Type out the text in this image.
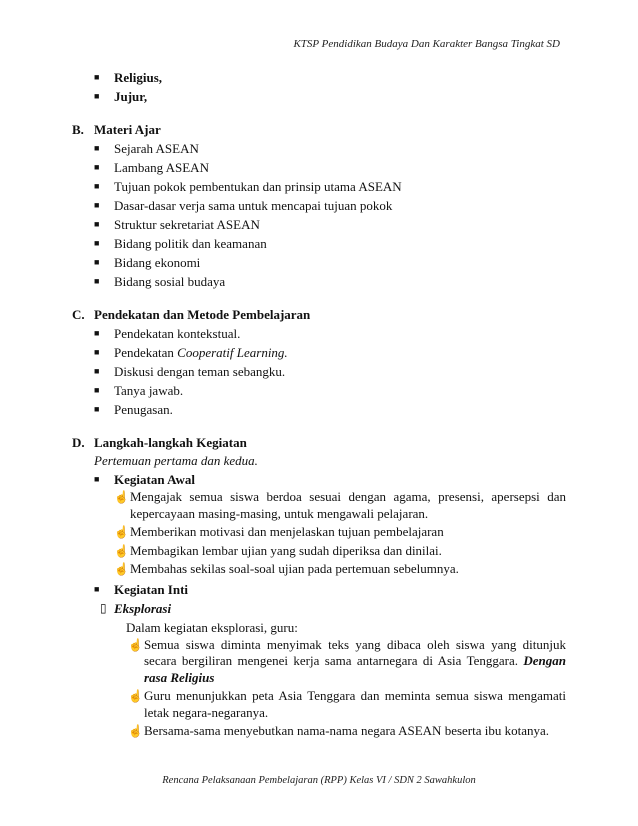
KTSP Pendidikan Budaya Dan Karakter Bangsa Tingkat SD
■	Religius,
■	Jujur,
B. Materi Ajar
■	Sejarah ASEAN
■	Lambang ASEAN
■	Tujuan pokok pembentukan dan prinsip utama ASEAN
■	Dasar-dasar verja sama untuk mencapai tujuan pokok
■	Struktur sekretariat ASEAN
■	Bidang politik dan keamanan
■	Bidang ekonomi
■	Bidang sosial budaya
C. Pendekatan dan Metode Pembelajaran
■	Pendekatan kontekstual.
■	Pendekatan Cooperatif Learning.
■	Diskusi dengan teman sebangku.
■	Tanya jawab.
■	Penugasan.
D. Langkah-langkah Kegiatan
Pertemuan pertama dan kedua.
■	Kegiatan Awal
☝ Mengajak semua siswa berdoa sesuai dengan agama, presensi, apersepsi dan kepercayaan masing-masing, untuk mengawali pelajaran.
☝ Memberikan motivasi dan menjelaskan tujuan pembelajaran
☝ Membagikan lembar ujian yang sudah diperiksa dan dinilai.
☝ Membahas sekilas soal-soal ujian pada pertemuan sebelumnya.
■	Kegiatan Inti
▯ Eksplorasi
Dalam kegiatan eksplorasi, guru:
☝ Semua siswa diminta menyimak teks yang dibaca oleh siswa yang ditunjuk secara bergiliran mengenei kerja sama antarnegara di Asia Tenggara. Dengan rasa Religius
☝ Guru menunjukkan peta Asia Tenggara dan meminta semua siswa mengamati letak negara-negaranya.
☝ Bersama-sama menyebutkan nama-nama negara ASEAN beserta ibu kotanya.
Rencana Pelaksanaan Pembelajaran (RPP) Kelas VI / SDN 2 Sawahkulon
